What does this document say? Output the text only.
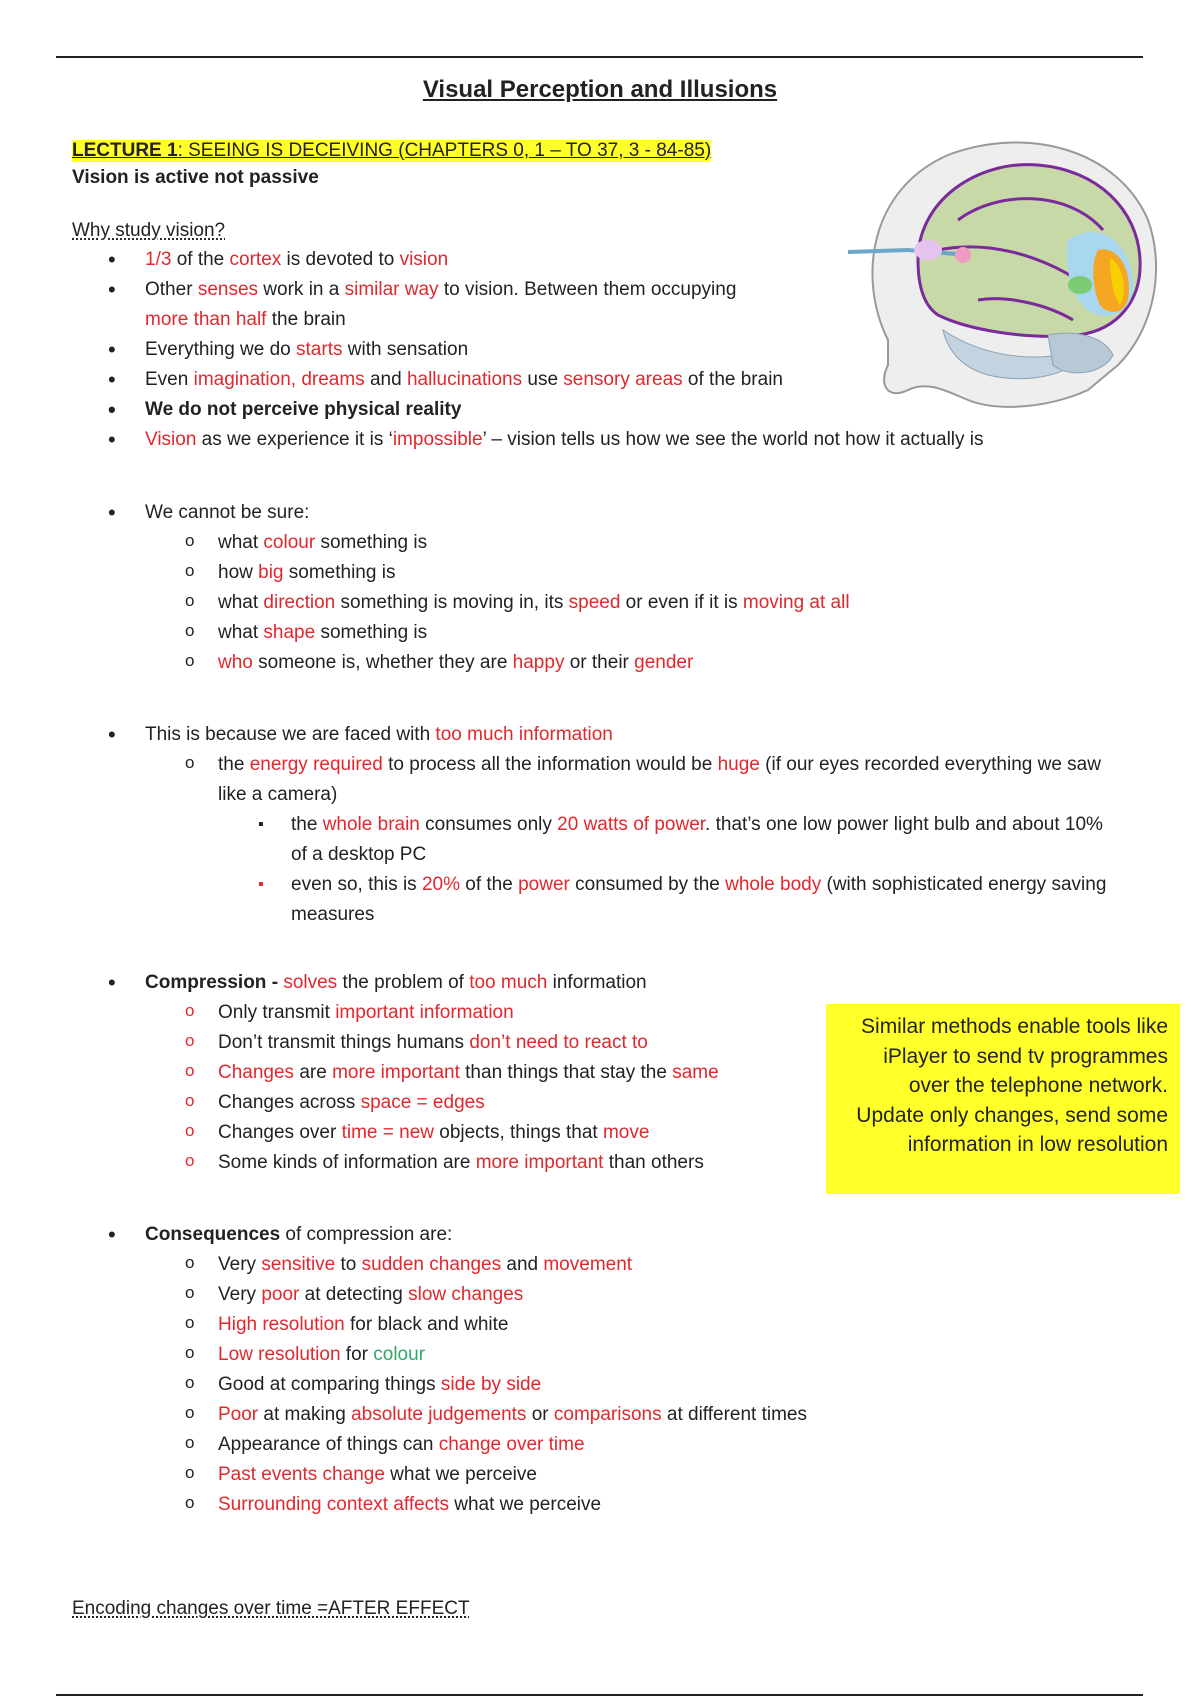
Visual Perception and Illusions
LECTURE 1: SEEING IS DECEIVING (CHAPTERS 0, 1 – TO 37, 3 - 84-85)
Vision is active not passive
Why study vision?
• 1/3 of the cortex is devoted to vision
• Other senses work in a similar way to vision. Between them occupying more than half the brain
• Everything we do starts with sensation
• Even imagination, dreams and hallucinations use sensory areas of the brain
• We do not perceive physical reality
• Vision as we experience it is ‘impossible’ – vision tells us how we see the world not how it actually is
• We cannot be sure:
o what colour something is
o how big something is
o what direction something is moving in, its speed or even if it is moving at all
o what shape something is
o who someone is, whether they are happy or their gender
• This is because we are faced with too much information
o the energy required to process all the information would be huge (if our eyes recorded everything we saw like a camera)
▪ the whole brain consumes only 20 watts of power. that’s one low power light bulb and about 10% of a desktop PC
▪ even so, this is 20% of the power consumed by the whole body (with sophisticated energy saving measures
• Compression - solves the problem of too much information
o Only transmit important information
o Don’t transmit things humans don’t need to react to
o Changes are more important than things that stay the same
o Changes across space = edges
o Changes over time = new objects, things that move
o Some kinds of information are more important than others
Similar methods enable tools like iPlayer to send tv programmes over the telephone network. Update only changes, send some information in low resolution
• Consequences of compression are:
o Very sensitive to sudden changes and movement
o Very poor at detecting slow changes
o High resolution for black and white
o Low resolution for colour
o Good at comparing things side by side
o Poor at making absolute judgements or comparisons at different times
o Appearance of things can change over time
o Past events change what we perceive
o Surrounding context affects what we perceive
Encoding changes over time =AFTER EFFECT
